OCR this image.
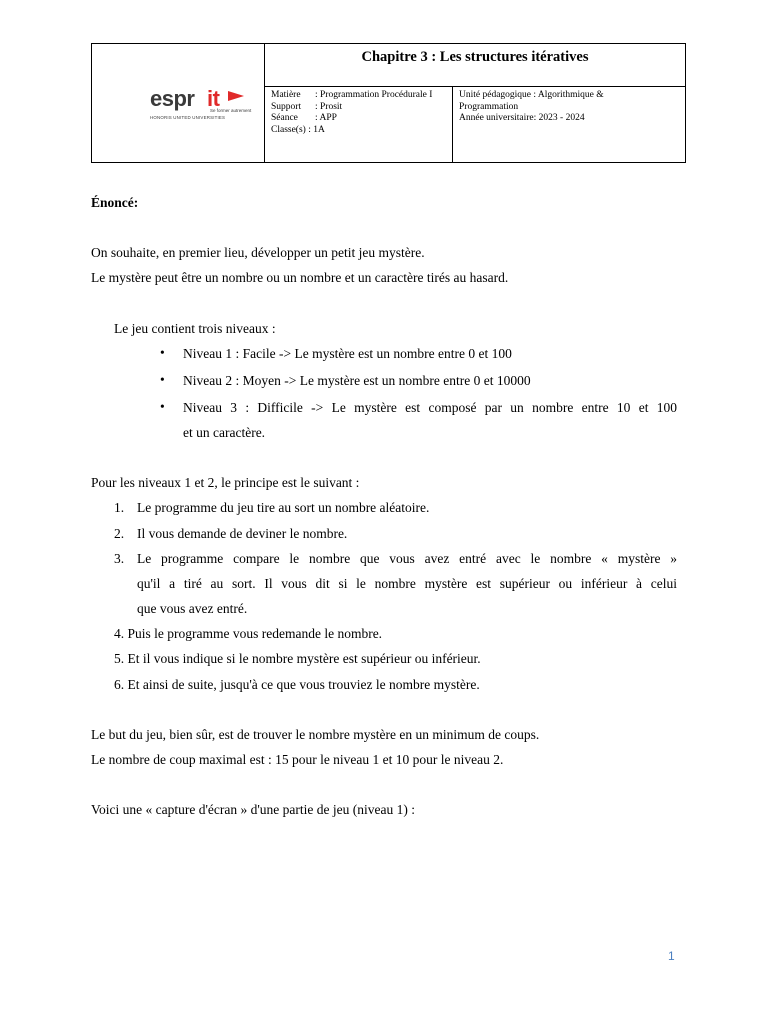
espr it
Se former autrement
HONORIS UNITED UNIVERSITIES
Chapitre 3 : Les structures itératives
Matière	: Programmation Procédurale I
Support	: Prosit
Séance	: APP
Classe(s) : 1A
Unité pédagogique : Algorithmique &
Programmation
Année universitaire: 2023 - 2024
Énoncé:
On souhaite, en premier lieu, développer un petit jeu mystère.
Le mystère peut être un nombre ou un nombre et un caractère tirés au hasard.
Le jeu contient trois niveaux :
• Niveau 1 : Facile -> Le mystère est un nombre entre 0 et 100
• Niveau 2 : Moyen -> Le mystère est un nombre entre 0 et 10000
• Niveau 3 : Difficile -> Le mystère est composé par un nombre entre 10 et 100
et un caractère.
Pour les niveaux 1 et 2, le principe est le suivant :
1. Le programme du jeu tire au sort un nombre aléatoire.
2. Il vous demande de deviner le nombre.
3. Le programme compare le nombre que vous avez entré avec le nombre « mystère »
qu'il a tiré au sort. Il vous dit si le nombre mystère est supérieur ou inférieur à celui
que vous avez entré.
4. Puis le programme vous redemande le nombre.
5. Et il vous indique si le nombre mystère est supérieur ou inférieur.
6. Et ainsi de suite, jusqu'à ce que vous trouviez le nombre mystère.
Le but du jeu, bien sûr, est de trouver le nombre mystère en un minimum de coups.
Le nombre de coup maximal est : 15 pour le niveau 1 et 10 pour le niveau 2.
Voici une « capture d'écran » d'une partie de jeu (niveau 1) :
1
